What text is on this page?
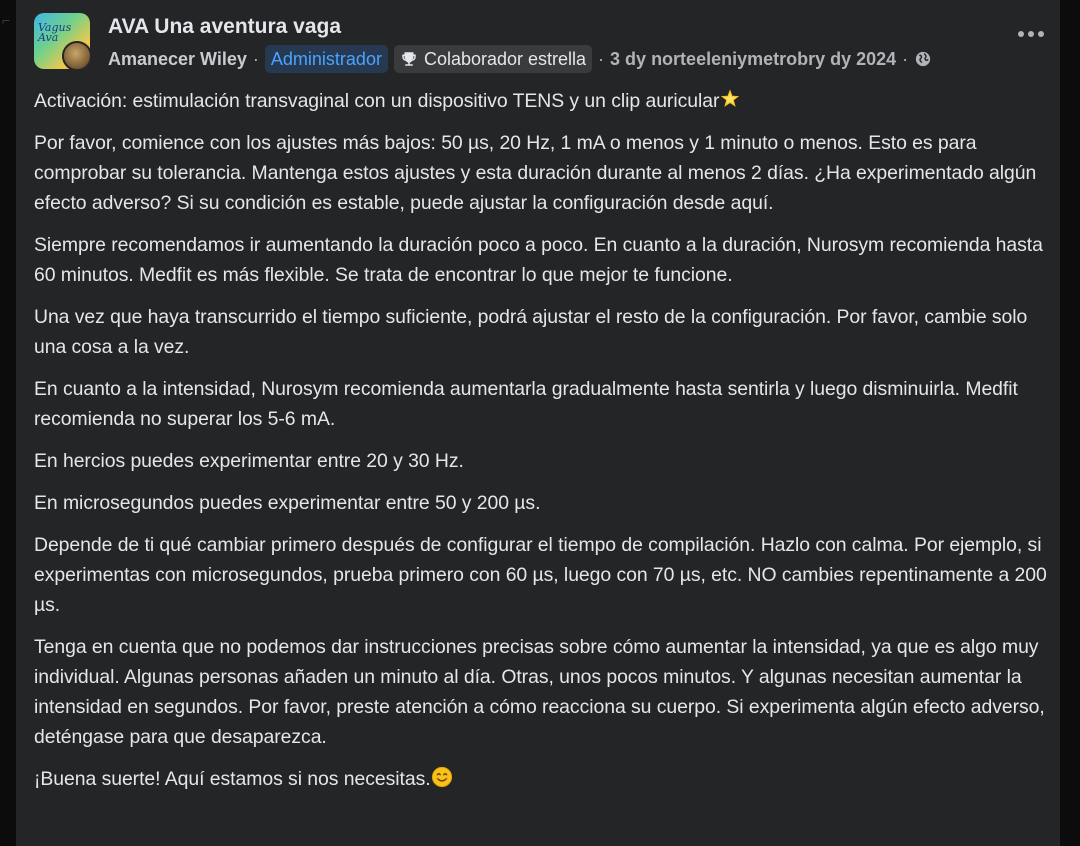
⌐	Vagus Ava	AVA Una aventura vaga
Amanecer Wiley · Administrador Colaborador estrella · 3 dy norteeleniymetrobry dy 2024 ·

Activación: estimulación transvaginal con un dispositivo TENS y un clip auricular

Por favor, comience con los ajustes más bajos: 50 µs, 20 Hz, 1 mA o menos y 1 minuto o menos. Esto es para comprobar su tolerancia. Mantenga estos ajustes y esta duración durante al menos 2 días. ¿Ha experimentado algún efecto adverso? Si su condición es estable, puede ajustar la configuración desde aquí.

Siempre recomendamos ir aumentando la duración poco a poco. En cuanto a la duración, Nurosym recomienda hasta 60 minutos. Medfit es más flexible. Se trata de encontrar lo que mejor te funcione.

Una vez que haya transcurrido el tiempo suficiente, podrá ajustar el resto de la configuración. Por favor, cambie solo una cosa a la vez.

En cuanto a la intensidad, Nurosym recomienda aumentarla gradualmente hasta sentirla y luego disminuirla. Medfit recomienda no superar los 5-6 mA.

En hercios puedes experimentar entre 20 y 30 Hz.

En microsegundos puedes experimentar entre 50 y 200 µs.

Depende de ti qué cambiar primero después de configurar el tiempo de compilación. Hazlo con calma. Por ejemplo, si experimentas con microsegundos, prueba primero con 60 µs, luego con 70 µs, etc. NO cambies repentinamente a 200 µs.

Tenga en cuenta que no podemos dar instrucciones precisas sobre cómo aumentar la intensidad, ya que es algo muy individual. Algunas personas añaden un minuto al día. Otras, unos pocos minutos. Y algunas necesitan aumentar la intensidad en segundos. Por favor, preste atención a cómo reacciona su cuerpo. Si experimenta algún efecto adverso, deténgase para que desaparezca.

¡Buena suerte! Aquí estamos si nos necesitas.
